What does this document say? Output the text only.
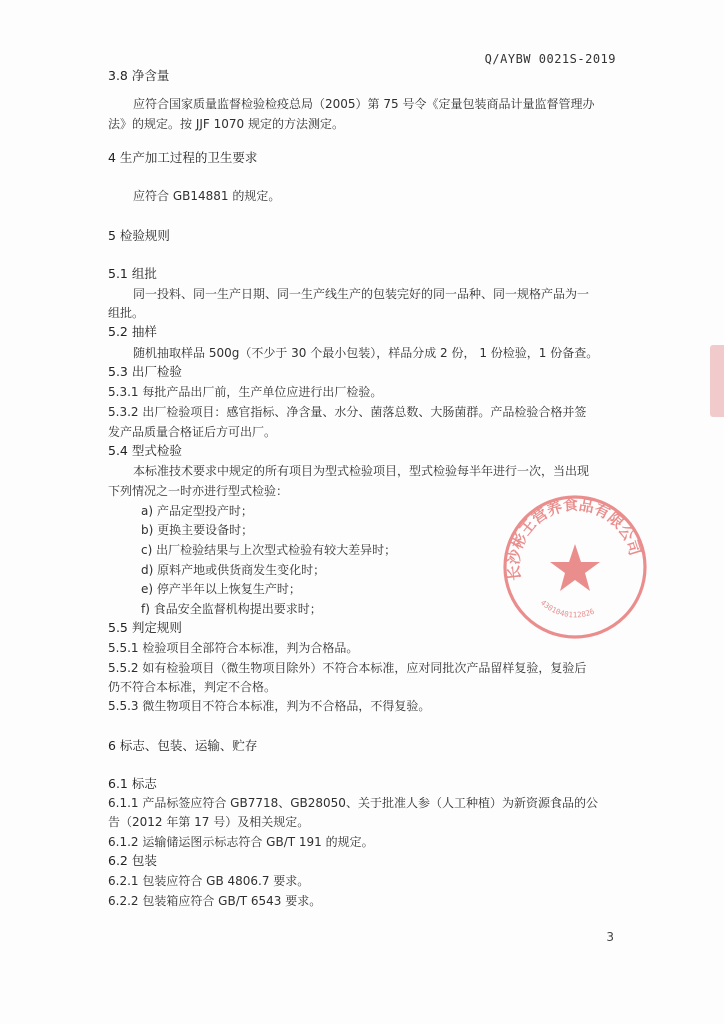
Q/AYBW 0021S-2019
3.8 净含量
应符合国家质量监督检验检疫总局（2005）第 75 号令《定量包装商品计量监督管理办
法》的规定。按 JJF 1070 规定的方法测定。
4 生产加工过程的卫生要求
应符合 GB14881 的规定。
5 检验规则
5.1 组批
同一投料、同一生产日期、同一生产线生产的包装完好的同一品种、同一规格产品为一
组批。
5.2 抽样
随机抽取样品 500g（不少于 30 个最小包装），样品分成 2 份， 1 份检验，1 份备查。
5.3 出厂检验
5.3.1 每批产品出厂前，生产单位应进行出厂检验。
5.3.2 出厂检验项目：感官指标、净含量、水分、菌落总数、大肠菌群。产品检验合格并签
发产品质量合格证后方可出厂。
5.4 型式检验
本标准技术要求中规定的所有项目为型式检验项目，型式检验每半年进行一次，当出现
下列情况之一时亦进行型式检验：
a) 产品定型投产时；
b) 更换主要设备时；
c) 出厂检验结果与上次型式检验有较大差异时；
d) 原料产地或供货商发生变化时；
e) 停产半年以上恢复生产时；
f) 食品安全监督机构提出要求时；
5.5 判定规则
5.5.1 检验项目全部符合本标准，判为合格品。
5.5.2 如有检验项目（微生物项目除外）不符合本标准，应对同批次产品留样复验，复验后
仍不符合本标准，判定不合格。
5.5.3 微生物项目不符合本标准，判为不合格品，不得复验。
6 标志、包装、运输、贮存
6.1 标志
6.1.1 产品标签应符合 GB7718、GB28050、关于批准人参（人工种植）为新资源食品的公
告（2012 年第 17 号）及相关规定。
6.1.2 运输储运图示标志符合 GB/T 191 的规定。
6.2 包装
6.2.1 包装应符合 GB 4806.7 要求。
6.2.2 包装箱应符合 GB/T 6543 要求。
3
长沙彬王营养食品有限公司
4301040112826
